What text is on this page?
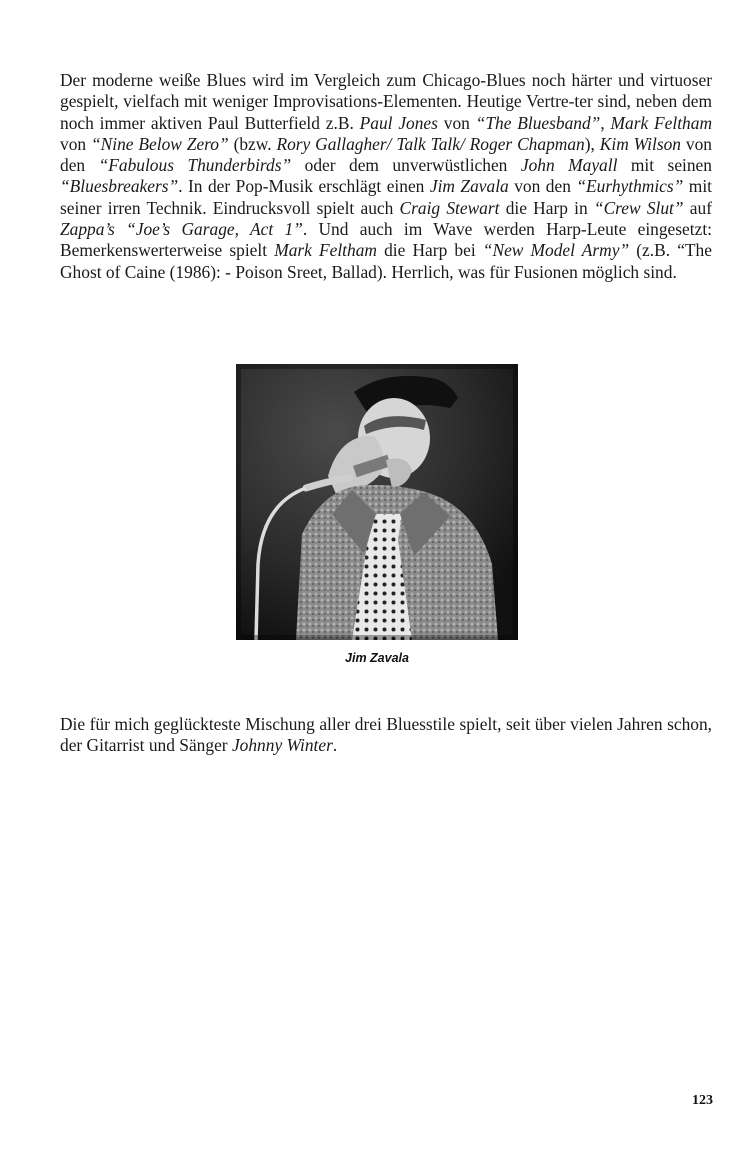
Der moderne weiße Blues wird im Vergleich zum Chicago-Blues noch härter und virtuoser gespielt, vielfach mit weniger Improvisations-Elementen. Heutige Vertre-ter sind, neben dem noch immer aktiven Paul Butterfield z.B. Paul Jones von “The Bluesband”, Mark Feltham von “Nine Below Zero” (bzw. Rory Gallagher/ Talk Talk/ Roger Chapman), Kim Wilson von den “Fabulous Thunderbirds” oder dem unverwüstlichen John Mayall mit seinen “Bluesbreakers”. In der Pop-Musik erschlägt einen Jim Zavala von den “Eurhythmics” mit seiner irren Technik. Eindrucksvoll spielt auch Craig Stewart die Harp in “Crew Slut” auf Zappa’s “Joe’s Garage, Act 1”. Und auch im Wave werden Harp-Leute eingesetzt: Bemerkenswerterweise spielt Mark Feltham die Harp bei “New Model Army” (z.B. “The Ghost of Caine (1986): - Poison Sreet, Ballad). Herrlich, was für Fusionen möglich sind.
Jim Zavala
Die für mich geglückteste Mischung aller drei Bluesstile spielt, seit über vielen Jahren schon, der Gitarrist und Sänger Johnny Winter.
123
